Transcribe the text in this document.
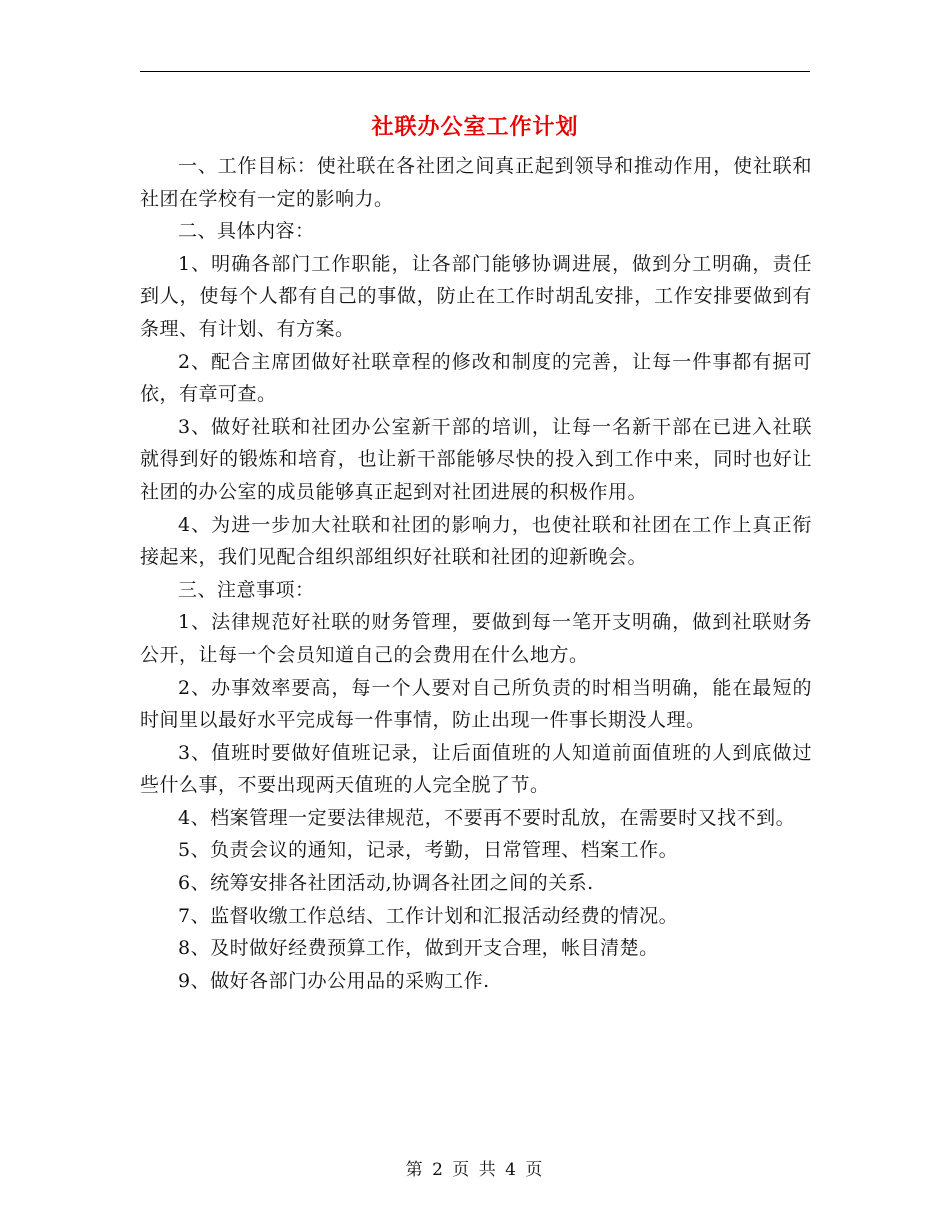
社联办公室工作计划

一、工作目标：使社联在各社团之间真正起到领导和推动作用，使社联和社团在学校有一定的影响力。

二、具体内容：

1、明确各部门工作职能，让各部门能够协调进展，做到分工明确，责任到人，使每个人都有自己的事做，防止在工作时胡乱安排，工作安排要做到有条理、有计划、有方案。

2、配合主席团做好社联章程的修改和制度的完善，让每一件事都有据可依，有章可查。

3、做好社联和社团办公室新干部的培训，让每一名新干部在已进入社联就得到好的锻炼和培育，也让新干部能够尽快的投入到工作中来，同时也好让社团的办公室的成员能够真正起到对社团进展的积极作用。

4、为进一步加大社联和社团的影响力，也使社联和社团在工作上真正衔接起来，我们见配合组织部组织好社联和社团的迎新晚会。

三、注意事项：

1、法律规范好社联的财务管理，要做到每一笔开支明确，做到社联财务公开，让每一个会员知道自己的会费用在什么地方。

2、办事效率要高，每一个人要对自己所负责的时相当明确，能在最短的时间里以最好水平完成每一件事情，防止出现一件事长期没人理。

3、值班时要做好值班记录，让后面值班的人知道前面值班的人到底做过些什么事，不要出现两天值班的人完全脱了节。

4、档案管理一定要法律规范，不要再不要时乱放，在需要时又找不到。

5、负责会议的通知，记录，考勤，日常管理、档案工作。

6、统筹安排各社团活动,协调各社团之间的关系.

7、监督收缴工作总结、工作计划和汇报活动经费的情况。

8、及时做好经费预算工作，做到开支合理，帐目清楚。

9、做好各部门办公用品的采购工作.

第 2 页 共 4 页
